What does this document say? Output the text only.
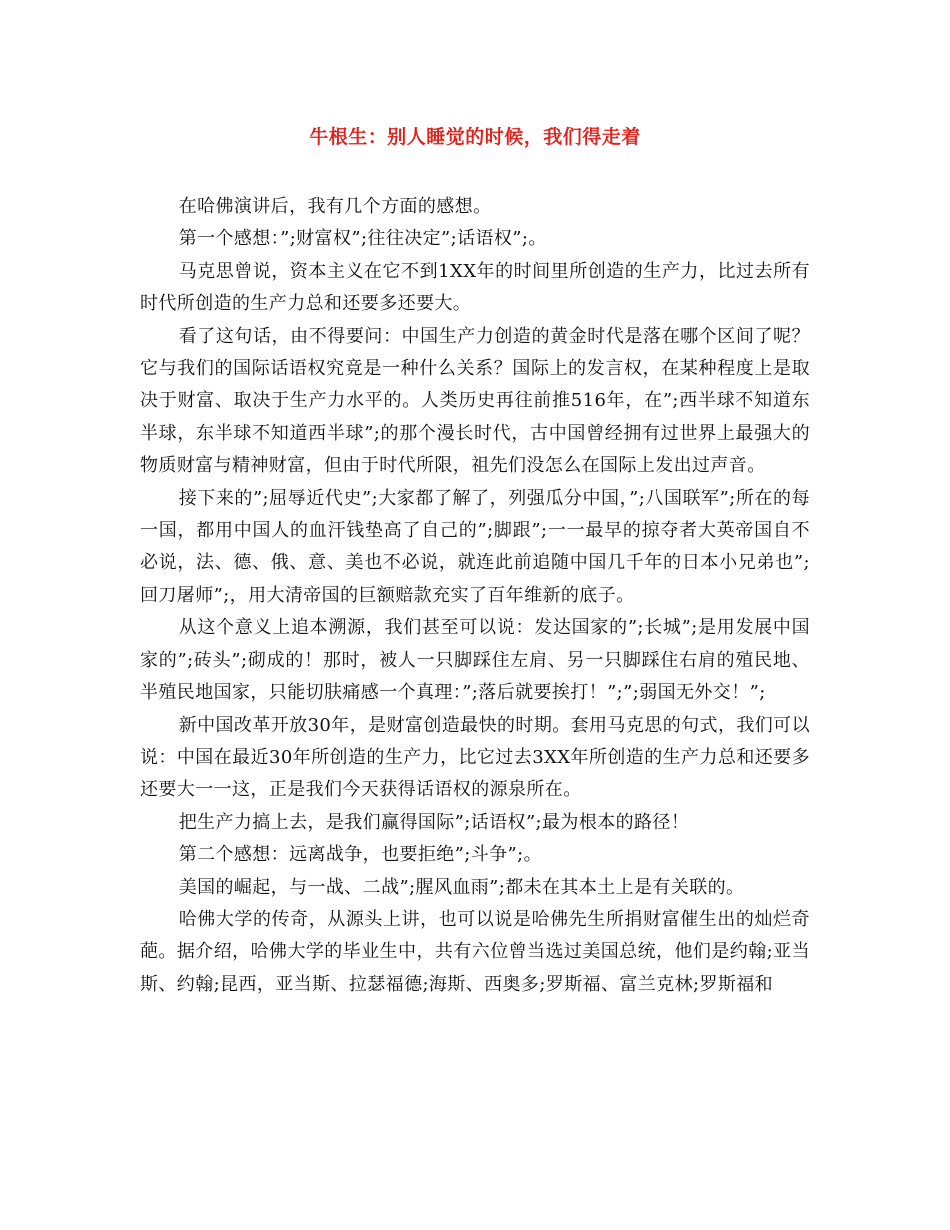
牛根生：别人睡觉的时候，我们得走着

在哈佛演讲后，我有几个方面的感想。

第一个感想：”;财富权”;往往决定”;话语权”;。

马克思曾说，资本主义在它不到1XX年的时间里所创造的生产力，比过去所有时代所创造的生产力总和还要多还要大。

看了这句话，由不得要问：中国生产力创造的黄金时代是落在哪个区间了呢？它与我们的国际话语权究竟是一种什么关系？国际上的发言权，在某种程度上是取决于财富、取决于生产力水平的。人类历史再往前推516年，在”;西半球不知道东半球，东半球不知道西半球”;的那个漫长时代，古中国曾经拥有过世界上最强大的物质财富与精神财富，但由于时代所限，祖先们没怎么在国际上发出过声音。

接下来的”;屈辱近代史”;大家都了解了，列强瓜分中国，”;八国联军”;所在的每一国，都用中国人的血汗钱垫高了自己的”;脚跟”;一一最早的掠夺者大英帝国自不必说，法、德、俄、意、美也不必说，就连此前追随中国几千年的日本小兄弟也”;回刀屠师”;，用大清帝国的巨额赔款充实了百年维新的底子。

从这个意义上追本溯源，我们甚至可以说：发达国家的”;长城”;是用发展中国家的”;砖头”;砌成的！那时，被人一只脚踩住左肩、另一只脚踩住右肩的殖民地、半殖民地国家，只能切肤痛感一个真理：”;落后就要挨打！”;”;弱国无外交！”;

新中国改革开放30年，是财富创造最快的时期。套用马克思的句式，我们可以说：中国在最近30年所创造的生产力，比它过去3XX年所创造的生产力总和还要多还要大一一这，正是我们今天获得话语权的源泉所在。

把生产力搞上去，是我们赢得国际”;话语权”;最为根本的路径！

第二个感想：远离战争，也要拒绝”;斗争”;。

美国的崛起，与一战、二战”;腥风血雨”;都未在其本土上是有关联的。

哈佛大学的传奇，从源头上讲，也可以说是哈佛先生所捐财富催生出的灿烂奇葩。据介绍，哈佛大学的毕业生中，共有六位曾当选过美国总统，他们是约翰;亚当斯、约翰;昆西，亚当斯、拉瑟福德;海斯、西奥多;罗斯福、富兰克林;罗斯福和
